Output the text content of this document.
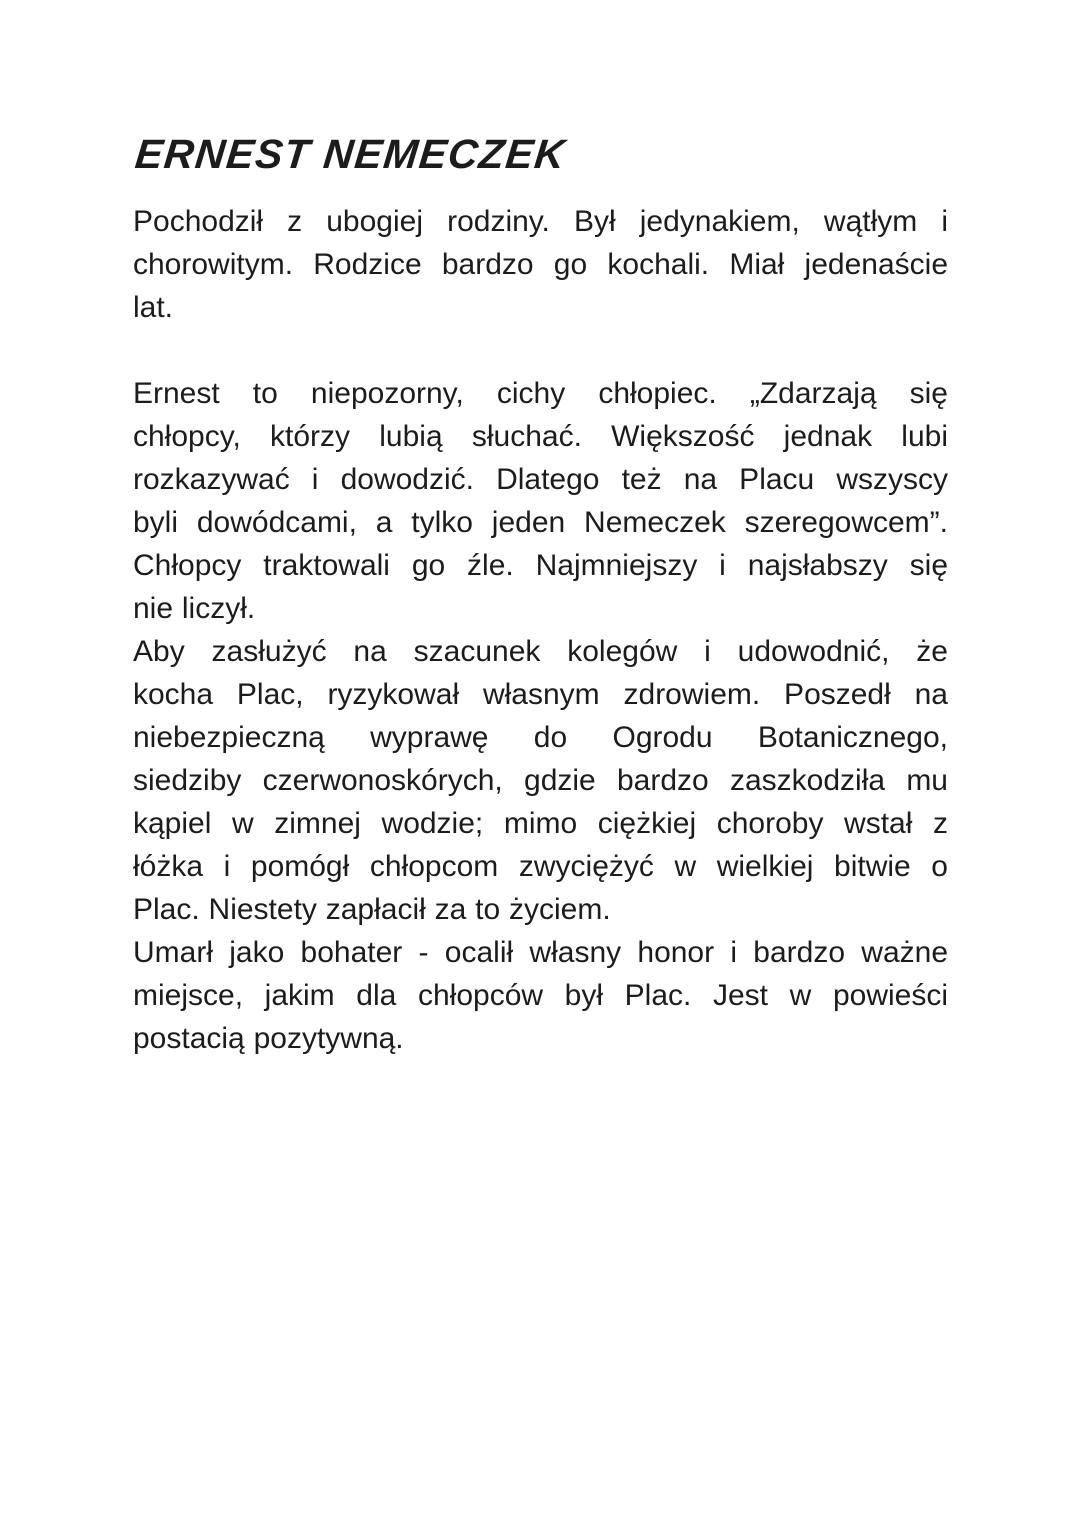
ERNEST NEMECZEK
Pochodził z ubogiej rodziny. Był jedynakiem, wątłym i
chorowitym. Rodzice bardzo go kochali. Miał jedenaście
lat.
Ernest to niepozorny, cichy chłopiec. „Zdarzają się
chłopcy, którzy lubią słuchać. Większość jednak lubi
rozkazywać i dowodzić. Dlatego też na Placu wszyscy
byli dowódcami, a tylko jeden Nemeczek szeregowcem”.
Chłopcy traktowali go źle. Najmniejszy i najsłabszy się
nie liczył.
Aby zasłużyć na szacunek kolegów i udowodnić, że
kocha Plac, ryzykował własnym zdrowiem. Poszedł na
niebezpieczną wyprawę do Ogrodu Botanicznego,
siedziby czerwonoskórych, gdzie bardzo zaszkodziła mu
kąpiel w zimnej wodzie; mimo ciężkiej choroby wstał z
łóżka i pomógł chłopcom zwyciężyć w wielkiej bitwie o
Plac. Niestety zapłacił za to życiem.
Umarł jako bohater - ocalił własny honor i bardzo ważne
miejsce, jakim dla chłopców był Plac. Jest w powieści
postacią pozytywną.
